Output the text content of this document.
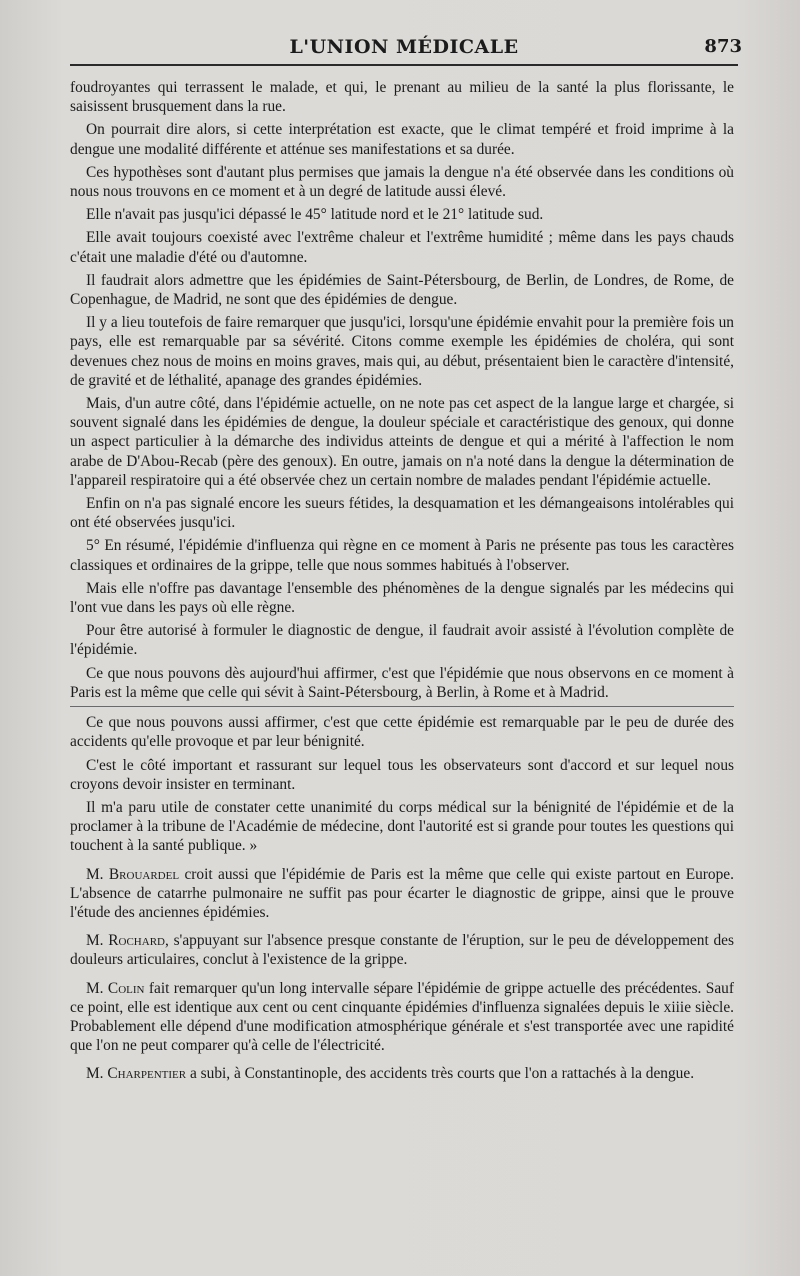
L'UNION MÉDICALE	873

foudroyantes qui terrassent le malade, et qui, le prenant au milieu de la santé la plus florissante, le saisissent brusquement dans la rue.

On pourrait dire alors, si cette interprétation est exacte, que le climat tempéré et froid imprime à la dengue une modalité différente et atténue ses manifestations et sa durée.

Ces hypothèses sont d'autant plus permises que jamais la dengue n'a été observée dans les conditions où nous nous trouvons en ce moment et à un degré de latitude aussi élevé.

Elle n'avait pas jusqu'ici dépassé le 45° latitude nord et le 21° latitude sud.

Elle avait toujours coexisté avec l'extrême chaleur et l'extrême humidité ; même dans les pays chauds c'était une maladie d'été ou d'automne.

Il faudrait alors admettre que les épidémies de Saint-Pétersbourg, de Berlin, de Londres, de Rome, de Copenhague, de Madrid, ne sont que des épidémies de dengue.

Il y a lieu toutefois de faire remarquer que jusqu'ici, lorsqu'une épidémie envahit pour la première fois un pays, elle est remarquable par sa sévérité. Citons comme exemple les épidémies de choléra, qui sont devenues chez nous de moins en moins graves, mais qui, au début, présentaient bien le caractère d'intensité, de gravité et de léthalité, apanage des grandes épidémies.

Mais, d'un autre côté, dans l'épidémie actuelle, on ne note pas cet aspect de la langue large et chargée, si souvent signalé dans les épidémies de dengue, la douleur spéciale et caractéristique des genoux, qui donne un aspect particulier à la démarche des individus atteints de dengue et qui a mérité à l'affection le nom arabe de D'Abou-Recab (père des genoux). En outre, jamais on n'a noté dans la dengue la détermination de l'appareil respiratoire qui a été observée chez un certain nombre de malades pendant l'épidémie actuelle.

Enfin on n'a pas signalé encore les sueurs fétides, la desquamation et les démangeaisons intolérables qui ont été observées jusqu'ici.

5° En résumé, l'épidémie d'influenza qui règne en ce moment à Paris ne présente pas tous les caractères classiques et ordinaires de la grippe, telle que nous sommes habitués à l'observer.

Mais elle n'offre pas davantage l'ensemble des phénomènes de la dengue signalés par les médecins qui l'ont vue dans les pays où elle règne.

Pour être autorisé à formuler le diagnostic de dengue, il faudrait avoir assisté à l'évolution complète de l'épidémie.

Ce que nous pouvons dès aujourd'hui affirmer, c'est que l'épidémie que nous observons en ce moment à Paris est la même que celle qui sévit à Saint-Pétersbourg, à Berlin, à Rome et à Madrid.

Ce que nous pouvons aussi affirmer, c'est que cette épidémie est remarquable par le peu de durée des accidents qu'elle provoque et par leur bénignité.

C'est le côté important et rassurant sur lequel tous les observateurs sont d'accord et sur lequel nous croyons devoir insister en terminant.

Il m'a paru utile de constater cette unanimité du corps médical sur la bénignité de l'épidémie et de la proclamer à la tribune de l'Académie de médecine, dont l'autorité est si grande pour toutes les questions qui touchent à la santé publique. »

M. Brouardel croit aussi que l'épidémie de Paris est la même que celle qui existe partout en Europe. L'absence de catarrhe pulmonaire ne suffit pas pour écarter le diagnostic de grippe, ainsi que le prouve l'étude des anciennes épidémies.

M. Rochard, s'appuyant sur l'absence presque constante de l'éruption, sur le peu de développement des douleurs articulaires, conclut à l'existence de la grippe.

M. Colin fait remarquer qu'un long intervalle sépare l'épidémie de grippe actuelle des précédentes. Sauf ce point, elle est identique aux cent ou cent cinquante épidémies d'influenza signalées depuis le xiiie siècle. Probablement elle dépend d'une modification atmosphérique générale et s'est transportée avec une rapidité que l'on ne peut comparer qu'à celle de l'électricité.

M. Charpentier a subi, à Constantinople, des accidents très courts que l'on a rattachés à la dengue.
